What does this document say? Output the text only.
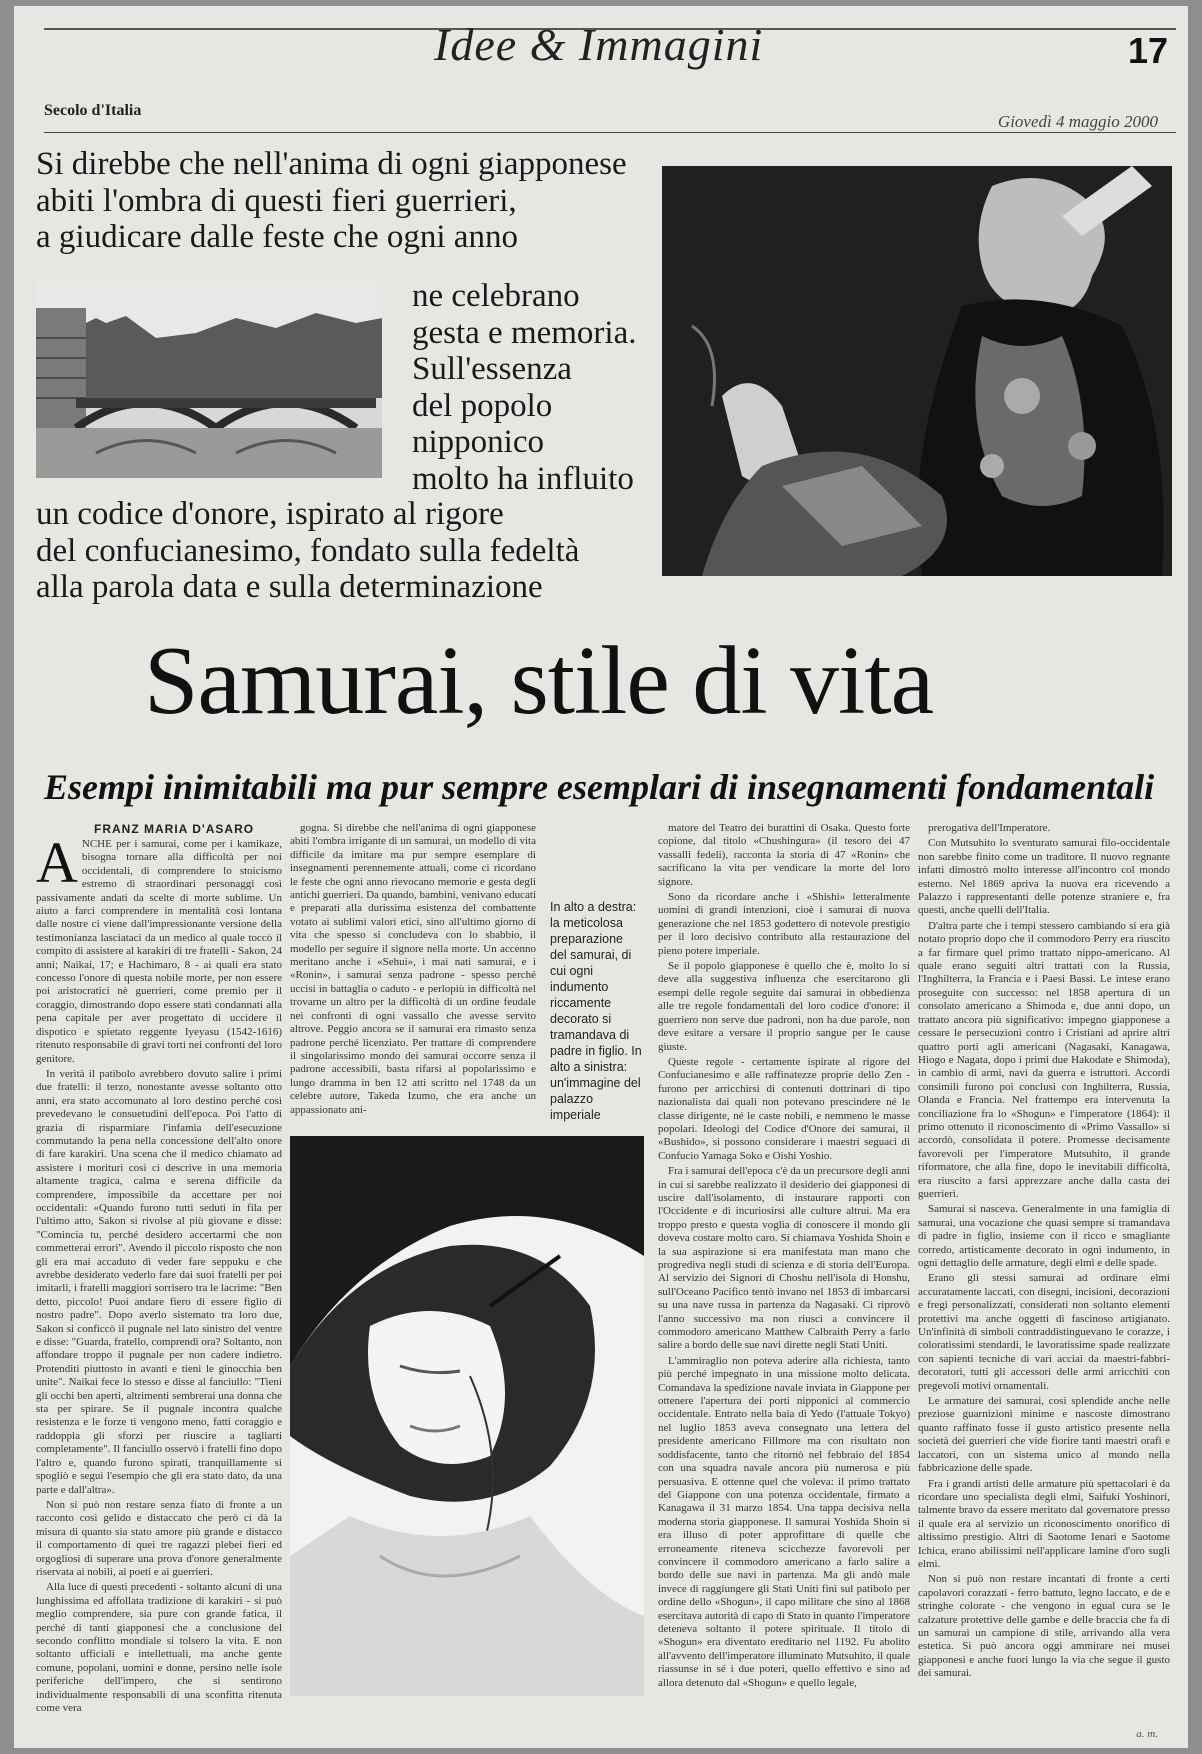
Idee & Immagini	17
Secolo d'Italia
Giovedì 4 maggio 2000
Si direbbe che nell'anima di ogni giapponese
abiti l'ombra di questi fieri guerrieri,
a giudicare dalle feste che ogni anno
ne celebrano
gesta e memoria.
Sull'essenza
del popolo
nipponico
molto ha influito
un codice d'onore, ispirato al rigore
del confucianesimo, fondato sulla fedeltà
alla parola data e sulla determinazione
Samurai, stile di vita
Esempi inimitabili ma pur sempre esemplari di insegnamenti fondamentali
FRANZ MARIA D'ASARO

ANCHE per i samurai, come per i kamikaze, bisogna tornare alla difficoltà per noi occidentali, di comprendere lo stoicismo estremo di straordinari personaggi così passivamente andati da scelte di morte sublime. Un aiuto a farci comprendere in mentalità così lontana dalle nostre ci viene dall'impressionante versione della testimonianza lasciataci da un medico al quale toccò il compito di assistere al karakiri di tre fratelli - Sakon, 24 anni; Naikai, 17; e Hachimaro, 8 - ai quali era stato concesso l'onore di questa nobile morte, per non essere poi aristocratici nè guerrieri, come premio per il coraggio, dimostrando dopo essere stati condannati alla pena capitale per aver progettato di uccidere il dispotico e spietato reggente Iyeyasu (1542-1616) ritenuto responsabile di gravi torti nei confronti del loro genitore.

In verità il patibolo avrebbero dovuto salire i primi due fratelli: il terzo, nonostante avesse soltanto otto anni, era stato accomunato al loro destino perché così prevedevano le consuetudini dell'epoca. Poi l'atto di grazia di risparmiare l'infamia dell'esecuzione commutando la pena nella concessione dell'alto onore di fare karakiri. Una scena che il medico chiamato ad assistere i morituri così ci descrive in una memoria altamente tragica, calma e serena difficile da comprendere, impossibile da accettare per noi occidentali: «Quando furono tutti seduti in fila per l'ultimo atto, Sakon si rivolse al più giovane e disse: "Comincia tu, perché desidero accertarmi che non commetterai errori". Avendo il piccolo risposto che non gli era mai accaduto di veder fare seppuku e che avrebbe desiderato vederlo fare dai suoi fratelli per poi imitarli, i fratelli maggiori sorrisero tra le lacrime: "Ben detto, piccolo! Puoi andare fiero di essere figlio di nostro padre". Dopo averlo sistemato tra loro due, Sakon si conficcò il pugnale nel lato sinistro del ventre e disse: "Guarda, fratello, comprendi ora? Soltanto, non affondare troppo il pugnale per non cadere indietro. Protenditi piuttosto in avanti e tieni le ginocchia ben unite". Naikai fece lo stesso e disse al fanciullo: "Tieni gli occhi ben aperti, altrimenti sembrerai una donna che sta per spirare. Se il pugnale incontra qualche resistenza e le forze ti vengono meno, fatti coraggio e raddoppia gli sforzi per riuscire a tagliarti completamente". Il fanciullo osservò i fratelli fino dopo l'altro e, quando furono spirati, tranquillamente si spogliò e seguì l'esempio che gli era stato dato, da una parte e dall'altra».

Non si può non restare senza fiato di fronte a un racconto così gelido e distaccato che però ci dà la misura di quanto sia stato amore più grande e distacco il comportamento di quei tre ragazzi plebei fieri ed orgogliosi di superare una prova d'onore generalmente riservata ai nobili, ai poeti e ai guerrieri.

Alla luce di questi precedenti - soltanto alcuni di una lunghissima ed affollata tradizione di karakiri - si può meglio comprendere, sia pure con grande fatica, il perché di tanti giapponesi che a conclusione del secondo conflitto mondiale si tolsero la vita. E non soltanto ufficiali e intellettuali, ma anche gente comune, popolani, uomini e donne, persino nelle isole periferiche dell'impero, che si sentirono individualmente responsabili di una sconfitta ritenuta come vera

gogna. Si direbbe che nell'anima di ogni giapponese abiti l'ombra irrigante di un samurai, un modello di vita difficile da imitare ma pur sempre esemplare di insegnamenti perennemente attuali, come ci ricordano le feste che ogni anno rievocano memorie e gesta degli antichi guerrieri. Da quando, bambini, venivano educati e preparati alla durissima esistenza del combattente votato ai sublimi valori etici, sino all'ultimo giorno di vita che spesso si concludeva con lo sbabbio, il modello per seguire il signore nella morte. Un accenno meritano anche i «Sehui», i mai nati samurai, e i «Ronin», i samurai senza padrone - spesso perché uccisi in battaglia o caduto - e perlopiù in difficoltà nel trovarne un altro per la difficoltà di un ordine feudale nei confronti di ogni vassallo che avesse servito altrove. Peggio ancora se il samurai era rimasto senza padrone perché licenziato. Per trattare di comprendere il singolarissimo mondo dei samurai occorre senza il padrone accessibili, basta rifarsi al popolarissimo e lungo dramma in ben 12 atti scritto nel 1748 da un celebre autore, Takeda Izumo, che era anche un appassionato ani-

In alto a destra: la meticolosa preparazione del samurai, di cui ogni indumento riccamente decorato si tramandava di padre in figlio. In alto a sinistra: un'immagine del palazzo imperiale

matore del Teatro dei burattini di Osaka. Questo forte copione, dal titolo «Chushingura» (il tesoro dei 47 vassalli fedeli), racconta la storia di 47 «Ronin» che sacrificano la vita per vendicare la morte del loro signore.

Sono da ricordare anche i «Shishi» letteralmente uomini di grandi intenzioni, cioè i samurai di nuova generazione che nel 1853 godettero di notevole prestigio per il loro decisivo contributo alla restaurazione del pieno potere imperiale.

Se il popolo giapponese è quello che è, molto lo si deve alla suggestiva influenza che esercitarono gli esempi delle regole seguite dai samurai in obbedienza alle tre regole fondamentali del loro codice d'onore: il guerriero non serve due padroni, non ha due parole, non deve esitare a versare il proprio sangue per le cause giuste.

Queste regole - certamente ispirate al rigore del Confucianesimo e alle raffinatezze proprie dello Zen - furono per arricchirsi di contenuti dottrinari di tipo nazionalista dai quali non potevano prescindere né le classe dirigente, né le caste nobili, e nemmeno le masse popolari. Ideologi del Codice d'Onore dei samurai, il «Bushido», si possono considerare i maestri seguaci di Confucio Yamaga Soko e Oishi Yoshio.

Fra i samurai dell'epoca c'è da un precursore degli anni in cui si sarebbe realizzato il desiderio dei giapponesi di uscire dall'isolamento, di instaurare rapporti con l'Occidente e di incuriosirsi alle culture altrui. Ma era troppo presto e questa voglia di conoscere il mondo gli doveva costare molto caro. Si chiamava Yoshida Shoin e la sua aspirazione si era manifestata man mano che progrediva negli studi di scienza e di storia dell'Europa. Al servizio dei Signori di Choshu nell'isola di Honshu, sull'Oceano Pacifico tentò invano nel 1853 di imbarcarsi su una nave russa in partenza da Nagasaki. Ci riprovò l'anno successivo ma non riuscì a convincere il commodoro americano Matthew Calbraith Perry a farlo salire a bordo delle sue navi dirette negli Stati Uniti.

L'ammiraglio non poteva aderire alla richiesta, tanto più perché impegnato in una missione molto delicata. Comandava la spedizione navale inviata in Giappone per ottenere l'apertura dei porti nipponici al commercio occidentale. Entrato nella baia di Yedo (l'attuale Tokyo) nel luglio 1853 aveva consegnato una lettera del presidente americano Fillmore ma con risultato non soddisfacente, tanto che ritornò nel febbraio del 1854 con una squadra navale ancora più numerosa e più persuasiva. E ottenne quel che voleva: il primo trattato del Giappone con una potenza occidentale, firmato a Kanagawa il 31 marzo 1854. Una tappa decisiva nella moderna storia giapponese. Il samurai Yoshida Shoin si era illuso di poter approfittare di quelle che erroneamente riteneva scicchezze favorevoli per convincere il commodoro americano a farlo salire a bordo delle sue navi in partenza. Ma gli andò male invece di raggiungere gli Stati Uniti finì sul patibolo per ordine dello «Shogun», il capo militare che sino al 1868 esercitava autorità di capo di Stato in quanto l'imperatore deteneva soltanto il potere spirituale. Il titolo di «Shogun» era diventato ereditario nel 1192. Fu abolito all'avvento dell'imperatore illuminato Mutsuhito, il quale riassunse in sé i due poteri, quello effettivo e sino ad allora detenuto dal «Shogun» e quello legale,

prerogativa dell'Imperatore.

Con Mutsuhito lo sventurato samurai filo-occidentale non sarebbe finito come un traditore. Il nuovo regnante infatti dimostrò molto interesse all'incontro col mondo esterno. Nel 1869 apriva la nuova era ricevendo a Palazzo i rappresentanti delle potenze straniere e, fra questi, anche quelli dell'Italia.

D'altra parte che i tempi stessero cambiando si era già notato proprio dopo che il commodoro Perry era riuscito a far firmare quel primo trattato nippo-americano. Al quale erano seguiti altri trattati con la Russia, l'Inghilterra, la Francia e i Paesi Bassi. Le intese erano proseguite con successo: nel 1858 apertura di un consolato americano a Shimoda e, due anni dopo, un trattato ancora più significativo: impegno giapponese a cessare le persecuzioni contro i Cristiani ad aprire altri quattro porti agli americani (Nagasaki, Kanagawa, Hiogo e Nagata, dopo i primi due Hakodate e Shimoda), in cambio di armi, navi da guerra e istruttori. Accordi consimili furono poi conclusi con Inghilterra, Russia, Olanda e Francia. Nel frattempo era intervenuta la conciliazione fra lo «Shogun» e l'imperatore (1864): il primo ottenuto il riconoscimento di «Primo Vassallo» si accordò, consolidata il potere. Promesse decisamente favorevoli per l'imperatore Mutsuhito, il grande riformatore, che alla fine, dopo le inevitabili difficoltà, era riuscito a farsi apprezzare anche dalla casta dei guerrieri.

Samurai si nasceva. Generalmente in una famiglia di samurai, una vocazione che quasi sempre si tramandava di padre in figlio, insieme con il ricco e smagliante corredo, artisticamente decorato in ogni indumento, in ogni dettaglio delle armature, degli elmi e delle spade.

Erano gli stessi samurai ad ordinare elmi accuratamente laccati, con disegni, incisioni, decorazioni e fregi personalizzati, considerati non soltanto elementi protettivi ma anche oggetti di fascinoso artigianato. Un'infinità di simboli contraddistinguevano le corazze, i coloratissimi stendardi, le lavoratissime spade realizzate con sapienti tecniche di vari acciai da maestri-fabbri-decoratori, tutti gli accessori delle armi arricchiti con pregevoli motivi ornamentali.

Le armature dei samurai, così splendide anche nelle preziose guarnizioni minime e nascoste dimostrano quanto raffinato fosse il gusto artistico presente nella società dei guerrieri che vide fiorire tanti maestri orafi e laccatori, con un sistema unico al mondo nella fabbricazione delle spade.

Fra i grandi artisti delle armature più spettacolari è da ricordare uno specialista degli elmi, Saifuki Yoshinori, talmente bravo da essere meritato dal governatore presso il quale era al servizio un riconoscimento onorifico di altissimo prestigio. Altri di Saotome Ienari e Saotome Ichica, erano abilissimi nell'applicare lamine d'oro sugli elmi.

Non si può non restare incantati di fronte a certi capolavori corazzati - ferro battuto, legno laccato, e de e stringhe colorate - che vengono in egual cura se le calzature protettive delle gambe e delle braccia che fa di un samurai un campione di stile, arrivando alla vera estetica. Si può ancora oggi ammirare nei musei giapponesi e anche fuori lungo la via che segue il gusto dei samurai.

a. m.
